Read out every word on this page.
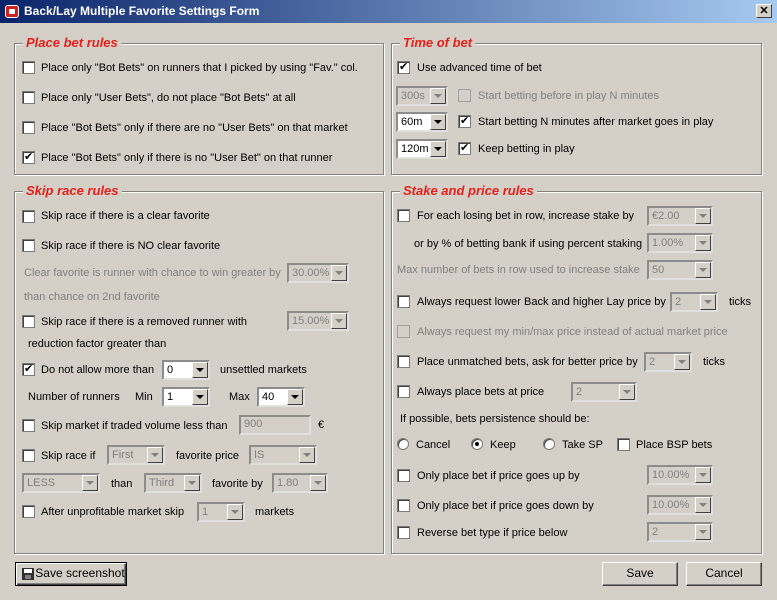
Back/Lay Multiple Favorite Settings Form	✕
Place bet rules
Place only "Bot Bets" on runners that I picked by using "Fav." col.
Place only "User Bets", do not place "Bot Bets" at all
Place "Bot Bets" only if there are no "User Bets" on that market
✔
Place "Bot Bets" only if there is no "User Bet" on that runner
Time of bet
✔
Use advanced time of bet
300s	Start betting before in play N minutes
60m ✔	Start betting N minutes after market goes in play
120m ✔	Keep betting in play
Skip race rules
Skip race if there is a clear favorite
Skip race if there is NO clear favorite
Clear favorite is runner with chance to win greater by 30.00%
than chance on 2nd favorite
Skip race if there is a removed runner with
reduction factor greater than
15.00%
✔
Do not allow more than 0	unsettled markets
Number of runners Min 1	Max 40
Skip market if traded volume less than 900	€
Skip race if First	favorite price IS
LESS	than Third	favorite by 1.80
After unprofitable market skip 1	markets
Stake and price rules
For each losing bet in row, increase stake by €2.00
or by % of betting bank if using percent staking 1.00%
Max number of bets in row used to increase stake 50
Always request lower Back and higher Lay price by 2	ticks
Always request my min/max price instead of actual market price
Place unmatched bets, ask for better price by 2	ticks
Always place bets at price	2
If possible, bets persistence should be:
Cancel	Keep	Take SP	Place BSP bets
Only place bet if price goes up by	10.00%
Only place bet if price goes down by	10.00%
Reverse bet type if price below	2
Save screenshot	Save	Cancel
